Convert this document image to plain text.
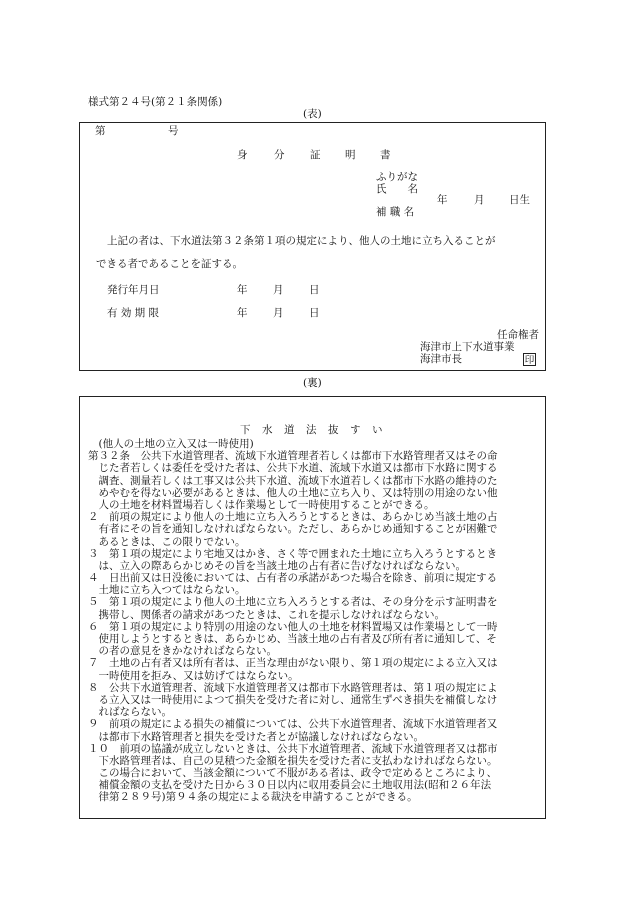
様式第２４号(第２１条関係)
(表)
第	号
身	分 証 明 書
ふりがな
氏　　名
年	月 日生
補 職 名
上記の者は、下水道法第３２条第１項の規定により、他人の土地に立ち入ることが
できる者であることを証する。
発行年月日	年 月 日
有 効 期 限	年 月 日
任命権者
海津市上下水道事業
海津市長	印
(裏)
下 水 道 法 抜 す い
　(他人の土地の立入又は一時使用)
第３２条　公共下水道管理者、流域下水道管理者若しくは都市下水路管理者又はその命
　じた者若しくは委任を受けた者は、公共下水道、流域下水道又は都市下水路に関する
　調査、測量若しくは工事又は公共下水道、流域下水道若しくは都市下水路の維持のた
　めやむを得ない必要があるときは、他人の土地に立ち入り、又は特別の用途のない他
　人の土地を材料置場若しくは作業場として一時使用することができる。
２　前項の規定により他人の土地に立ち入ろうとするときは、あらかじめ当該土地の占
　有者にその旨を通知しなければならない。ただし、あらかじめ通知することが困難で
　あるときは、この限りでない。
３　第１項の規定により宅地又はかき、さく等で囲まれた土地に立ち入ろうとするとき
　は、立入の際あらかじめその旨を当該土地の占有者に告げなければならない。
４　日出前又は日没後においては、占有者の承諾があつた場合を除き、前項に規定する
　土地に立ち入つてはならない。
５　第１項の規定により他人の土地に立ち入ろうとする者は、その身分を示す証明書を
　携帯し、関係者の請求があつたときは、これを提示しなければならない。
６　第１項の規定により特別の用途のない他人の土地を材料置場又は作業場として一時
　使用しようとするときは、あらかじめ、当該土地の占有者及び所有者に通知して、そ
　の者の意見をきかなければならない。
７　土地の占有者又は所有者は、正当な理由がない限り、第１項の規定による立入又は
　一時使用を拒み、又は妨げてはならない。
８　公共下水道管理者、流域下水道管理者又は都市下水路管理者は、第１項の規定によ
　る立入又は一時使用によつて損失を受けた者に対し、通常生ずべき損失を補償しなけ
　ればならない。
９　前項の規定による損失の補償については、公共下水道管理者、流域下水道管理者又
　は都市下水路管理者と損失を受けた者とが協議しなければならない。
１０　前項の協議が成立しないときは、公共下水道管理者、流域下水道管理者又は都市
　下水路管理者は、自己の見積つた金額を損失を受けた者に支払わなければならない。
　この場合において、当該金額について不服がある者は、政令で定めるところにより、
　補償金額の支払を受けた日から３０日以内に収用委員会に土地収用法(昭和２６年法
　律第２８９号)第９４条の規定による裁決を申請することができる。
